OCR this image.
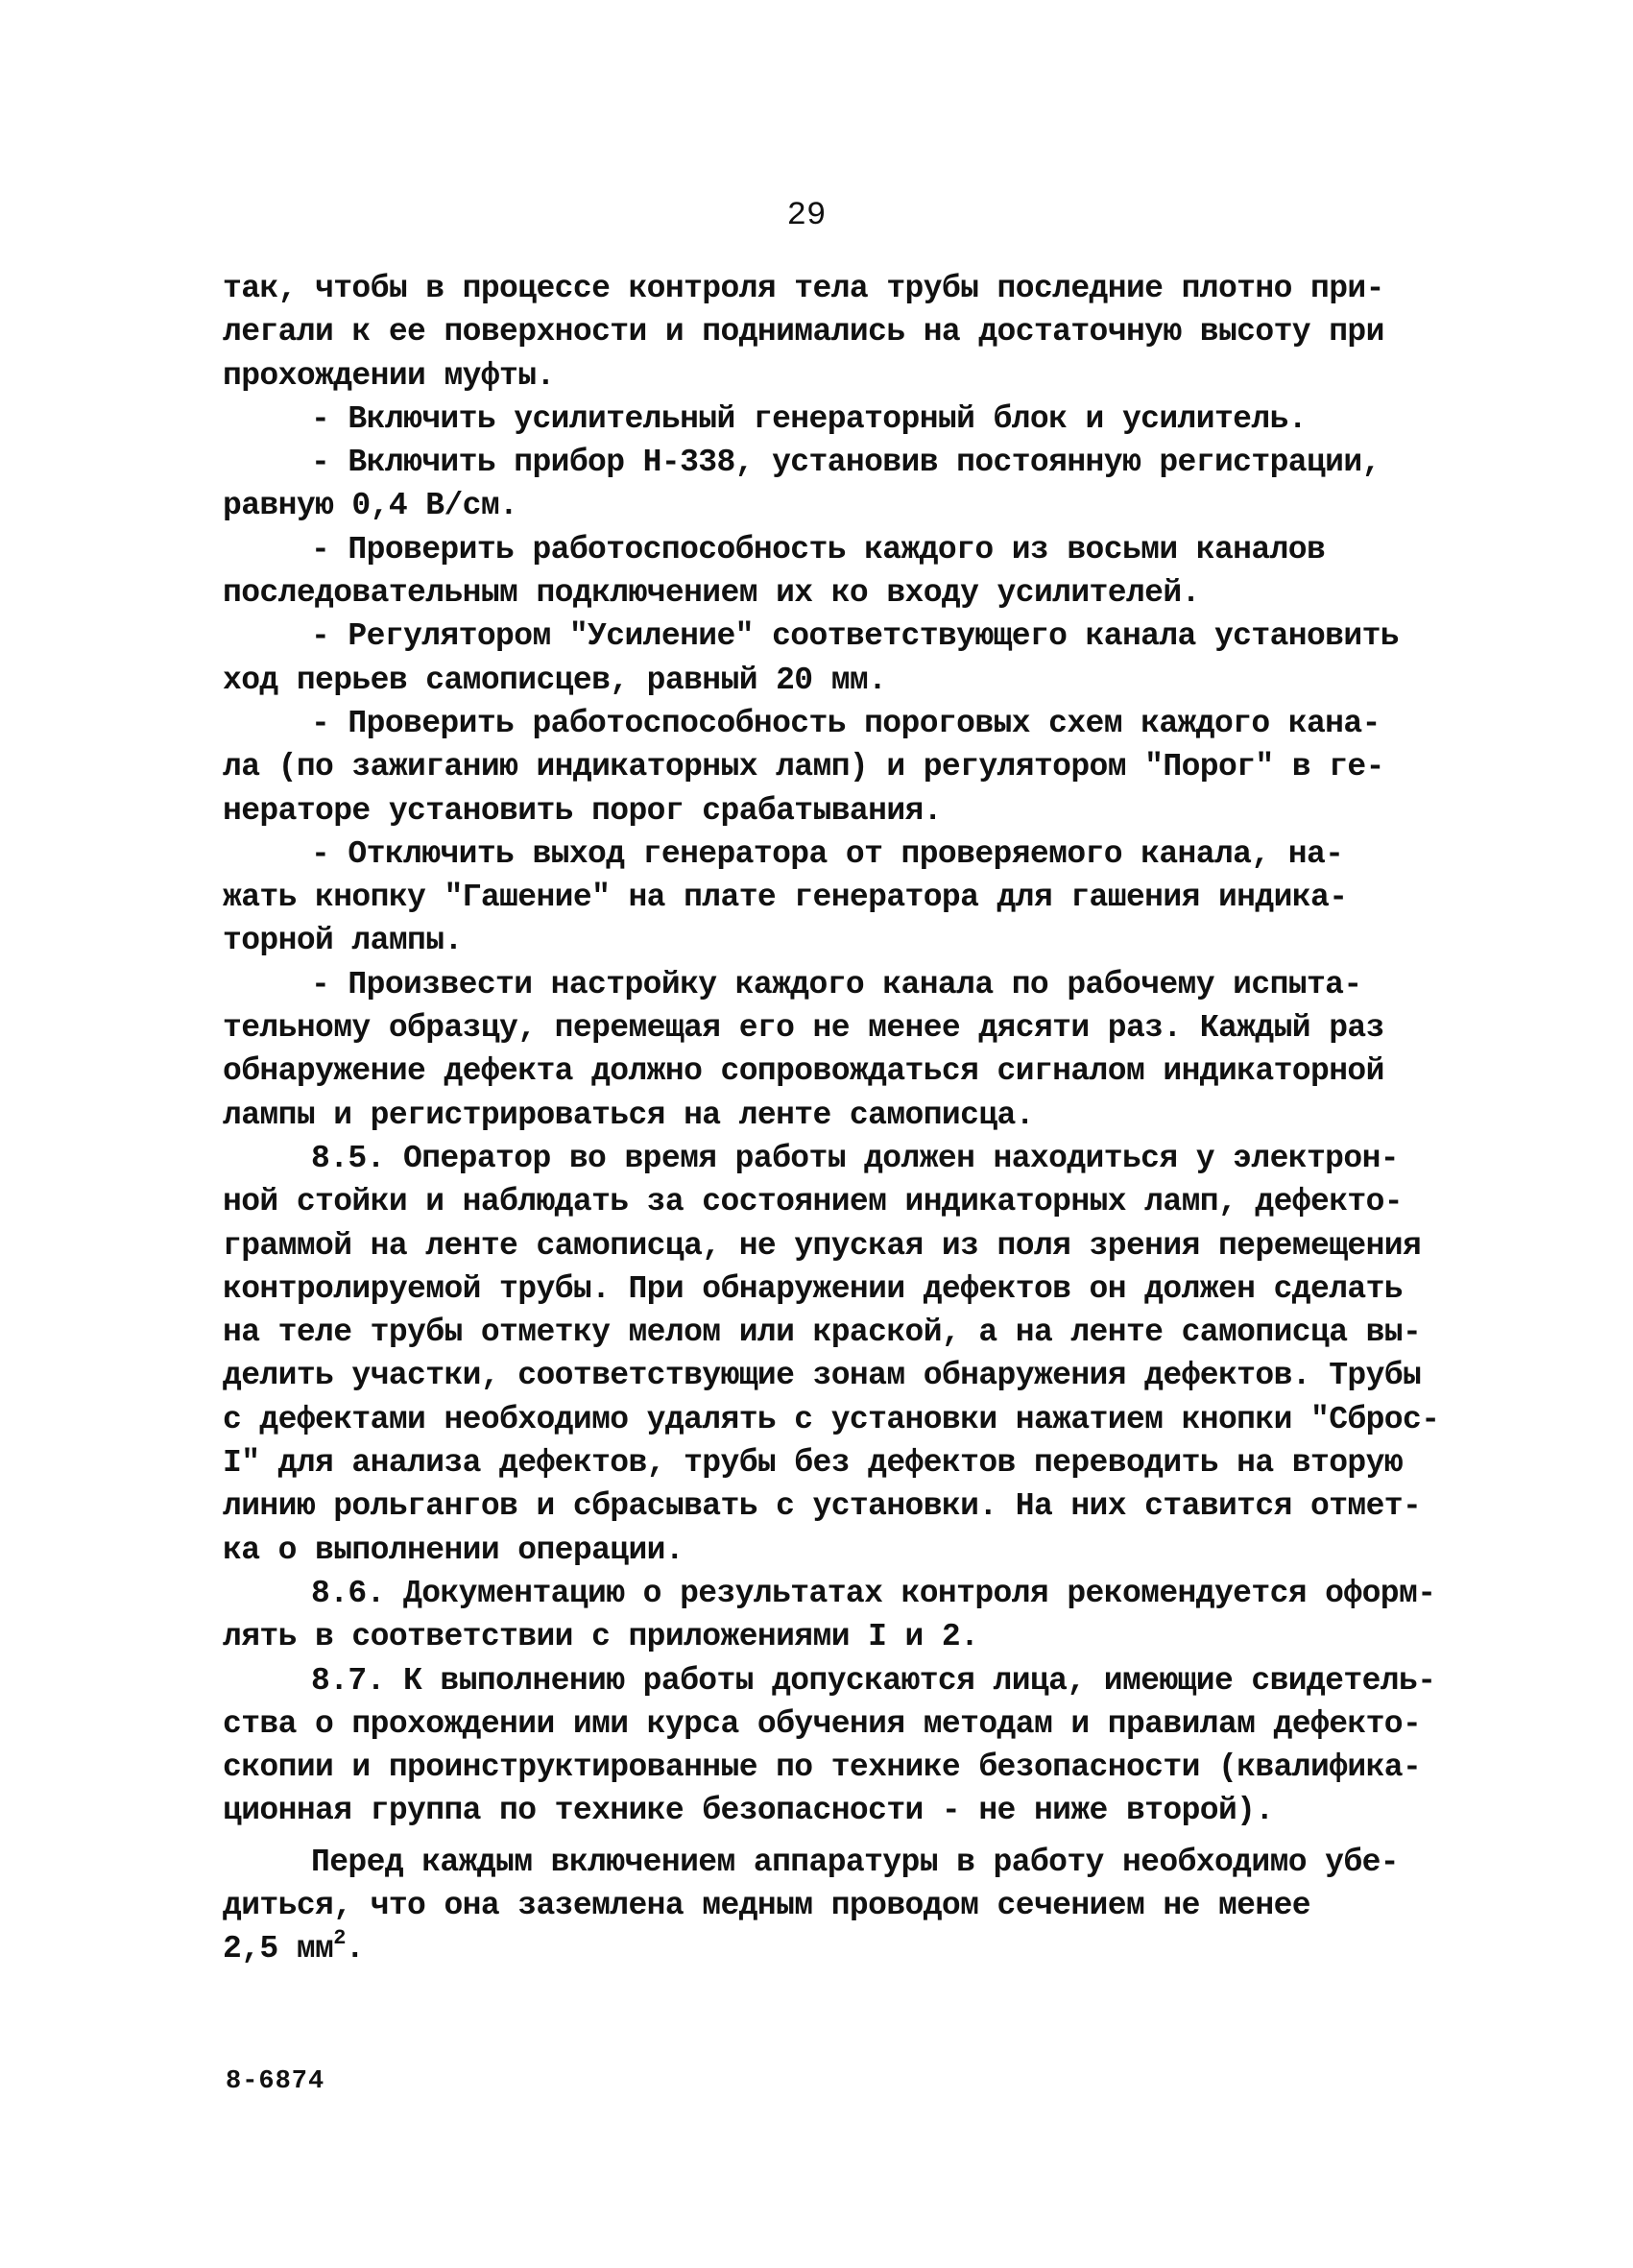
29
так, чтобы в процессе контроля тела трубы последние плотно при-
легали к ее поверхности и поднимались на достаточную высоту при
прохождении муфты.
- Включить усилительный генераторный блок и усилитель.
- Включить прибор Н-338, установив постоянную регистрации,
равную 0,4 В/см.
- Проверить работоспособность каждого из восьми каналов
последовательным подключением их ко входу усилителей.
- Регулятором "Усиление" соответствующего канала установить
ход перьев самописцев, равный 20 мм.
- Проверить работоспособность пороговых схем каждого кана-
ла (по зажиганию индикаторных ламп) и регулятором "Порог" в ге-
нераторе установить порог срабатывания.
- Отключить выход генератора от проверяемого канала, на-
жать кнопку "Гашение" на плате генератора для гашения индика-
торной лампы.
- Произвести настройку каждого канала по рабочему испыта-
тельному образцу, перемещая его не менее дясяти раз. Каждый раз
обнаружение дефекта должно сопровождаться сигналом индикаторной
лампы и регистрироваться на ленте самописца.
8.5. Оператор во время работы должен находиться у электрон-
ной стойки и наблюдать за состоянием индикаторных ламп, дефекто-
граммой на ленте самописца, не упуская из поля зрения перемещения
контролируемой трубы. При обнаружении дефектов он должен сделать
на теле трубы отметку мелом или краской, а на ленте самописца вы-
делить участки, соответствующие зонам обнаружения дефектов. Трубы
с дефектами необходимо удалять с установки нажатием кнопки "Сброс-
I" для анализа дефектов, трубы без дефектов переводить на вторую
линию рольгангов и сбрасывать с установки. На них ставится отмет-
ка о выполнении операции.
8.6. Документацию о результатах контроля рекомендуется оформ-
лять в соответствии с приложениями I и 2.
8.7. К выполнению работы допускаются лица, имеющие свидетель-
ства о прохождении ими курса обучения методам и правилам дефекто-
скопии и проинструктированные по технике безопасности (квалифика-
ционная группа по технике безопасности - не ниже второй).
Перед каждым включением аппаратуры в работу необходимо убе-
диться, что она заземлена медным проводом сечением не менее
2,5 $мм^2$.
8-6874
